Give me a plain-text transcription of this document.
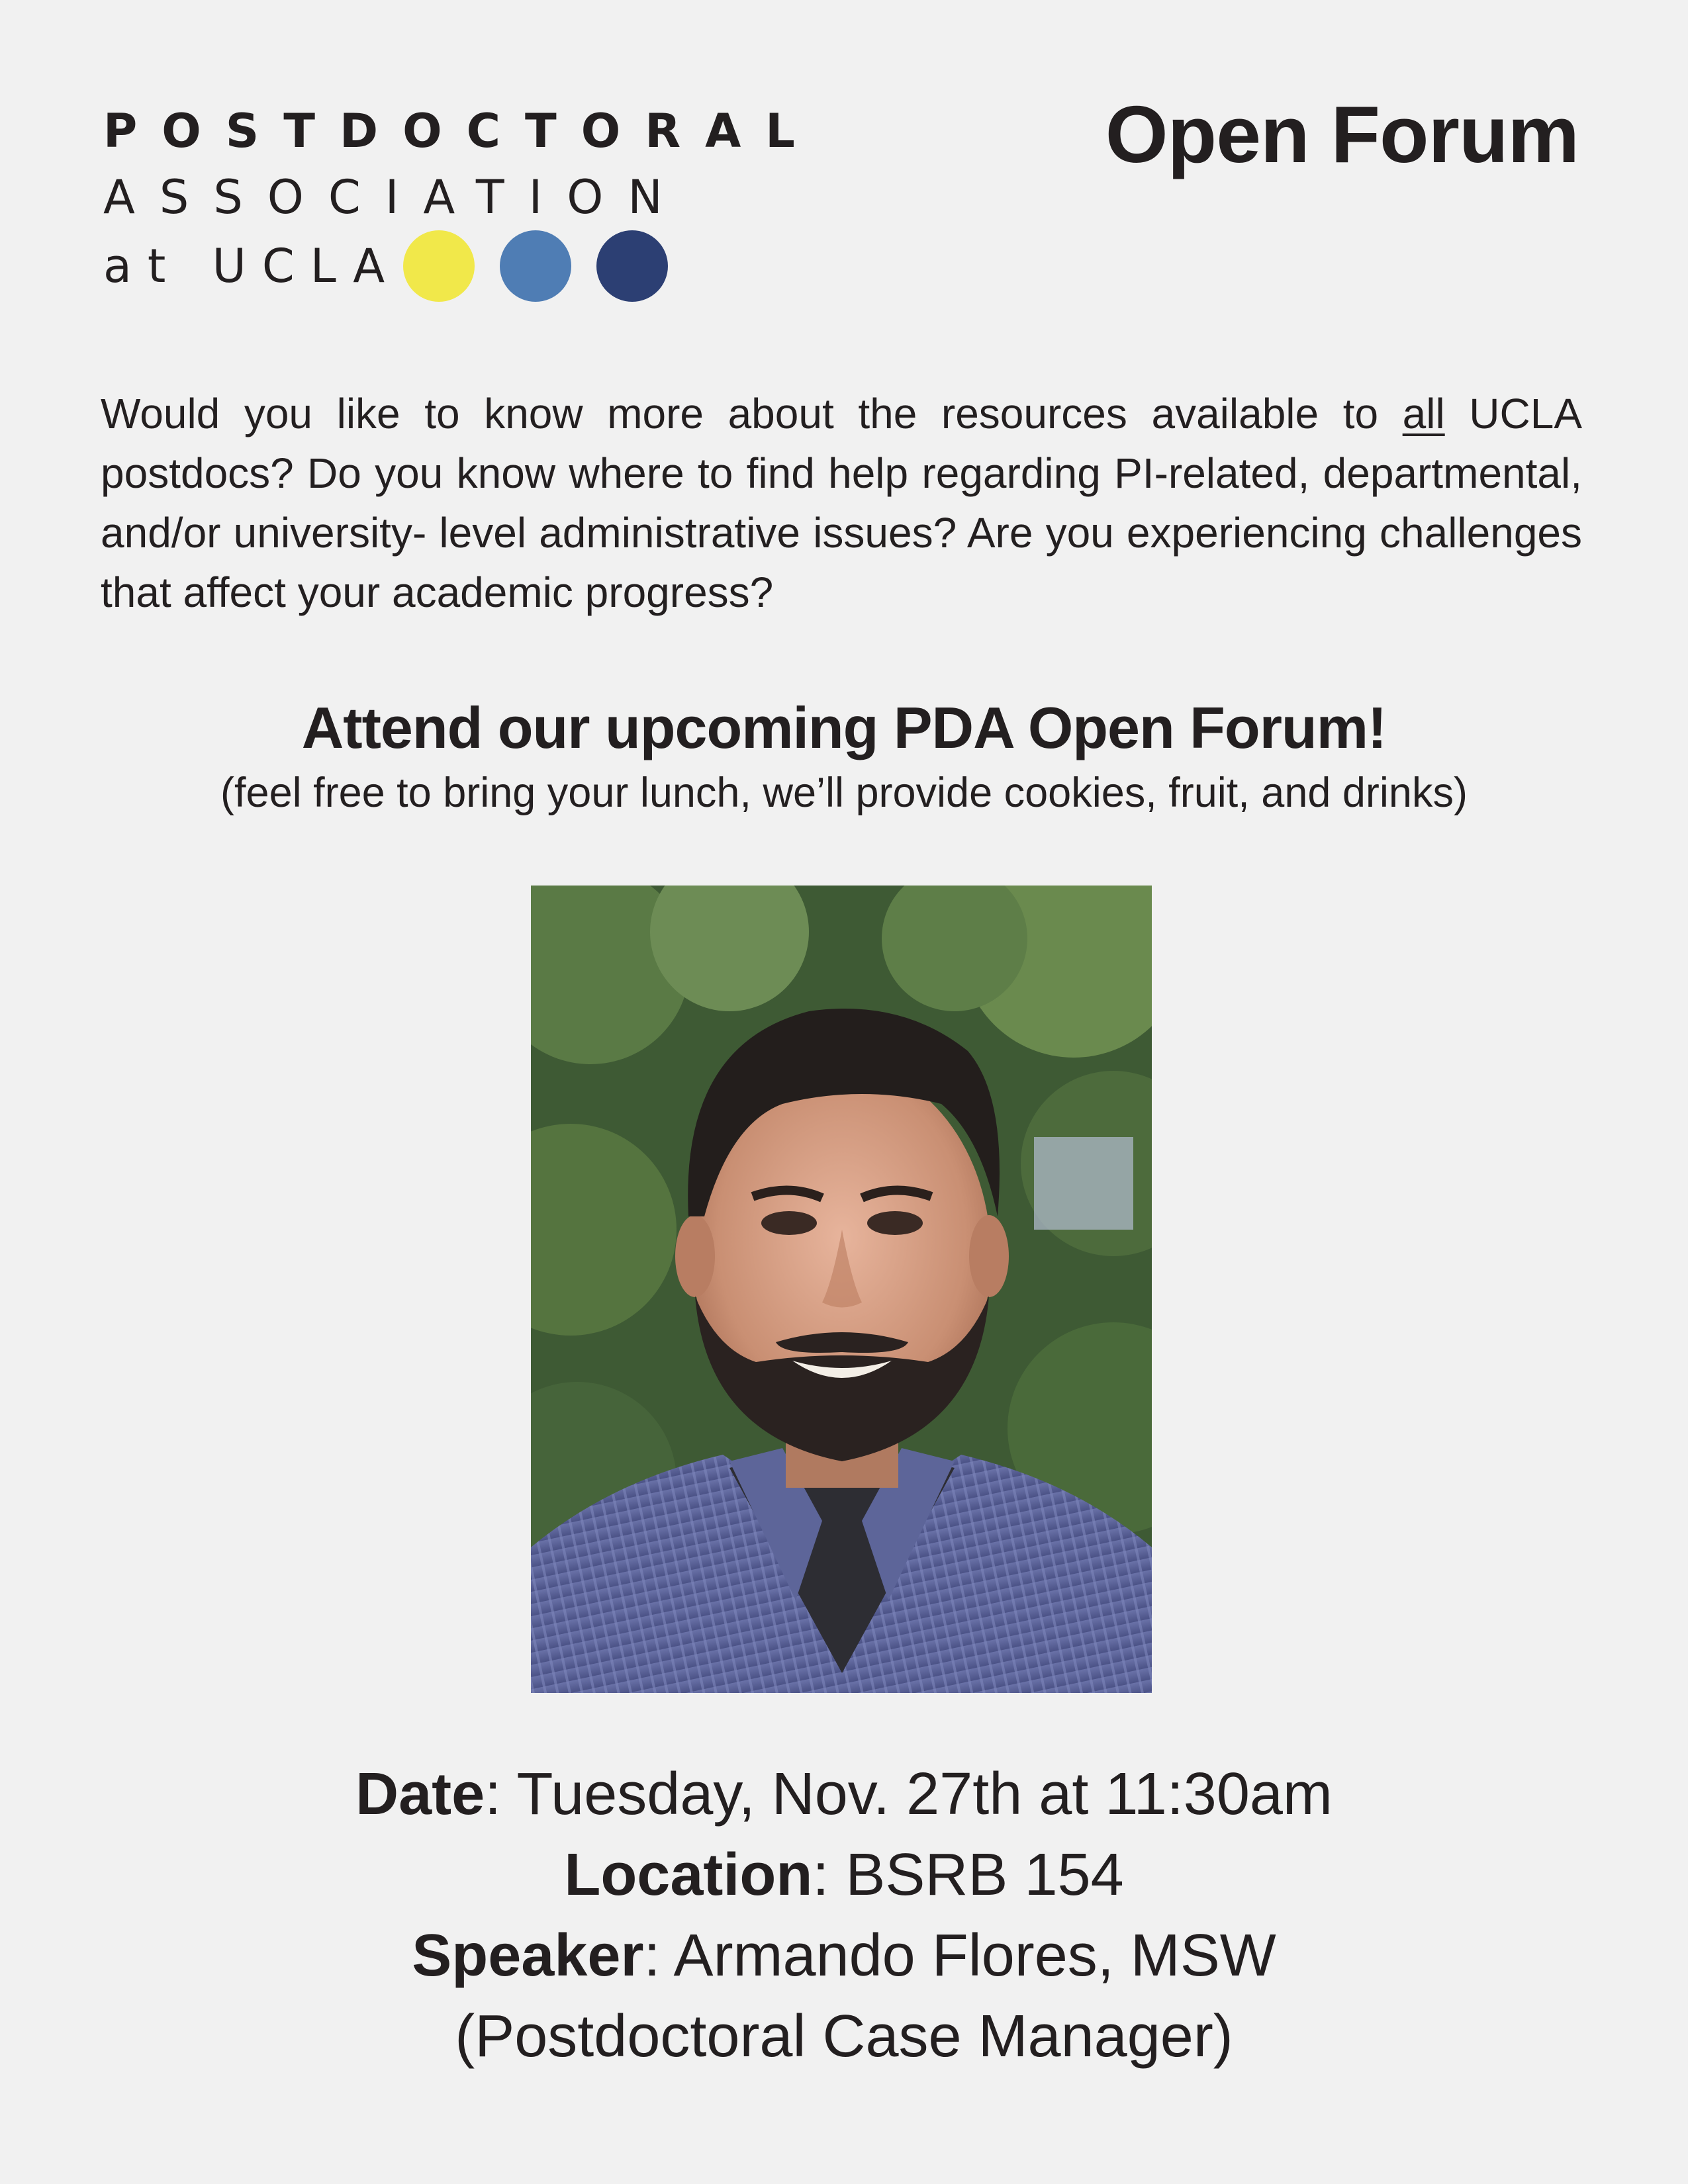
POSTDOCTORAL
ASSOCIATION
at UCLA
Open Forum
Would you like to know more about the resources available to all UCLA postdocs? Do you know where to find help regarding PI-related, departmental, and/or university- level administrative issues? Are you experiencing challenges that affect your academic progress?
Attend our upcoming PDA Open Forum!
(feel free to bring your lunch, we’ll provide cookies, fruit, and drinks)
Date: Tuesday, Nov. 27th at 11:30am
Location: BSRB 154
Speaker: Armando Flores, MSW
(Postdoctoral Case Manager)
